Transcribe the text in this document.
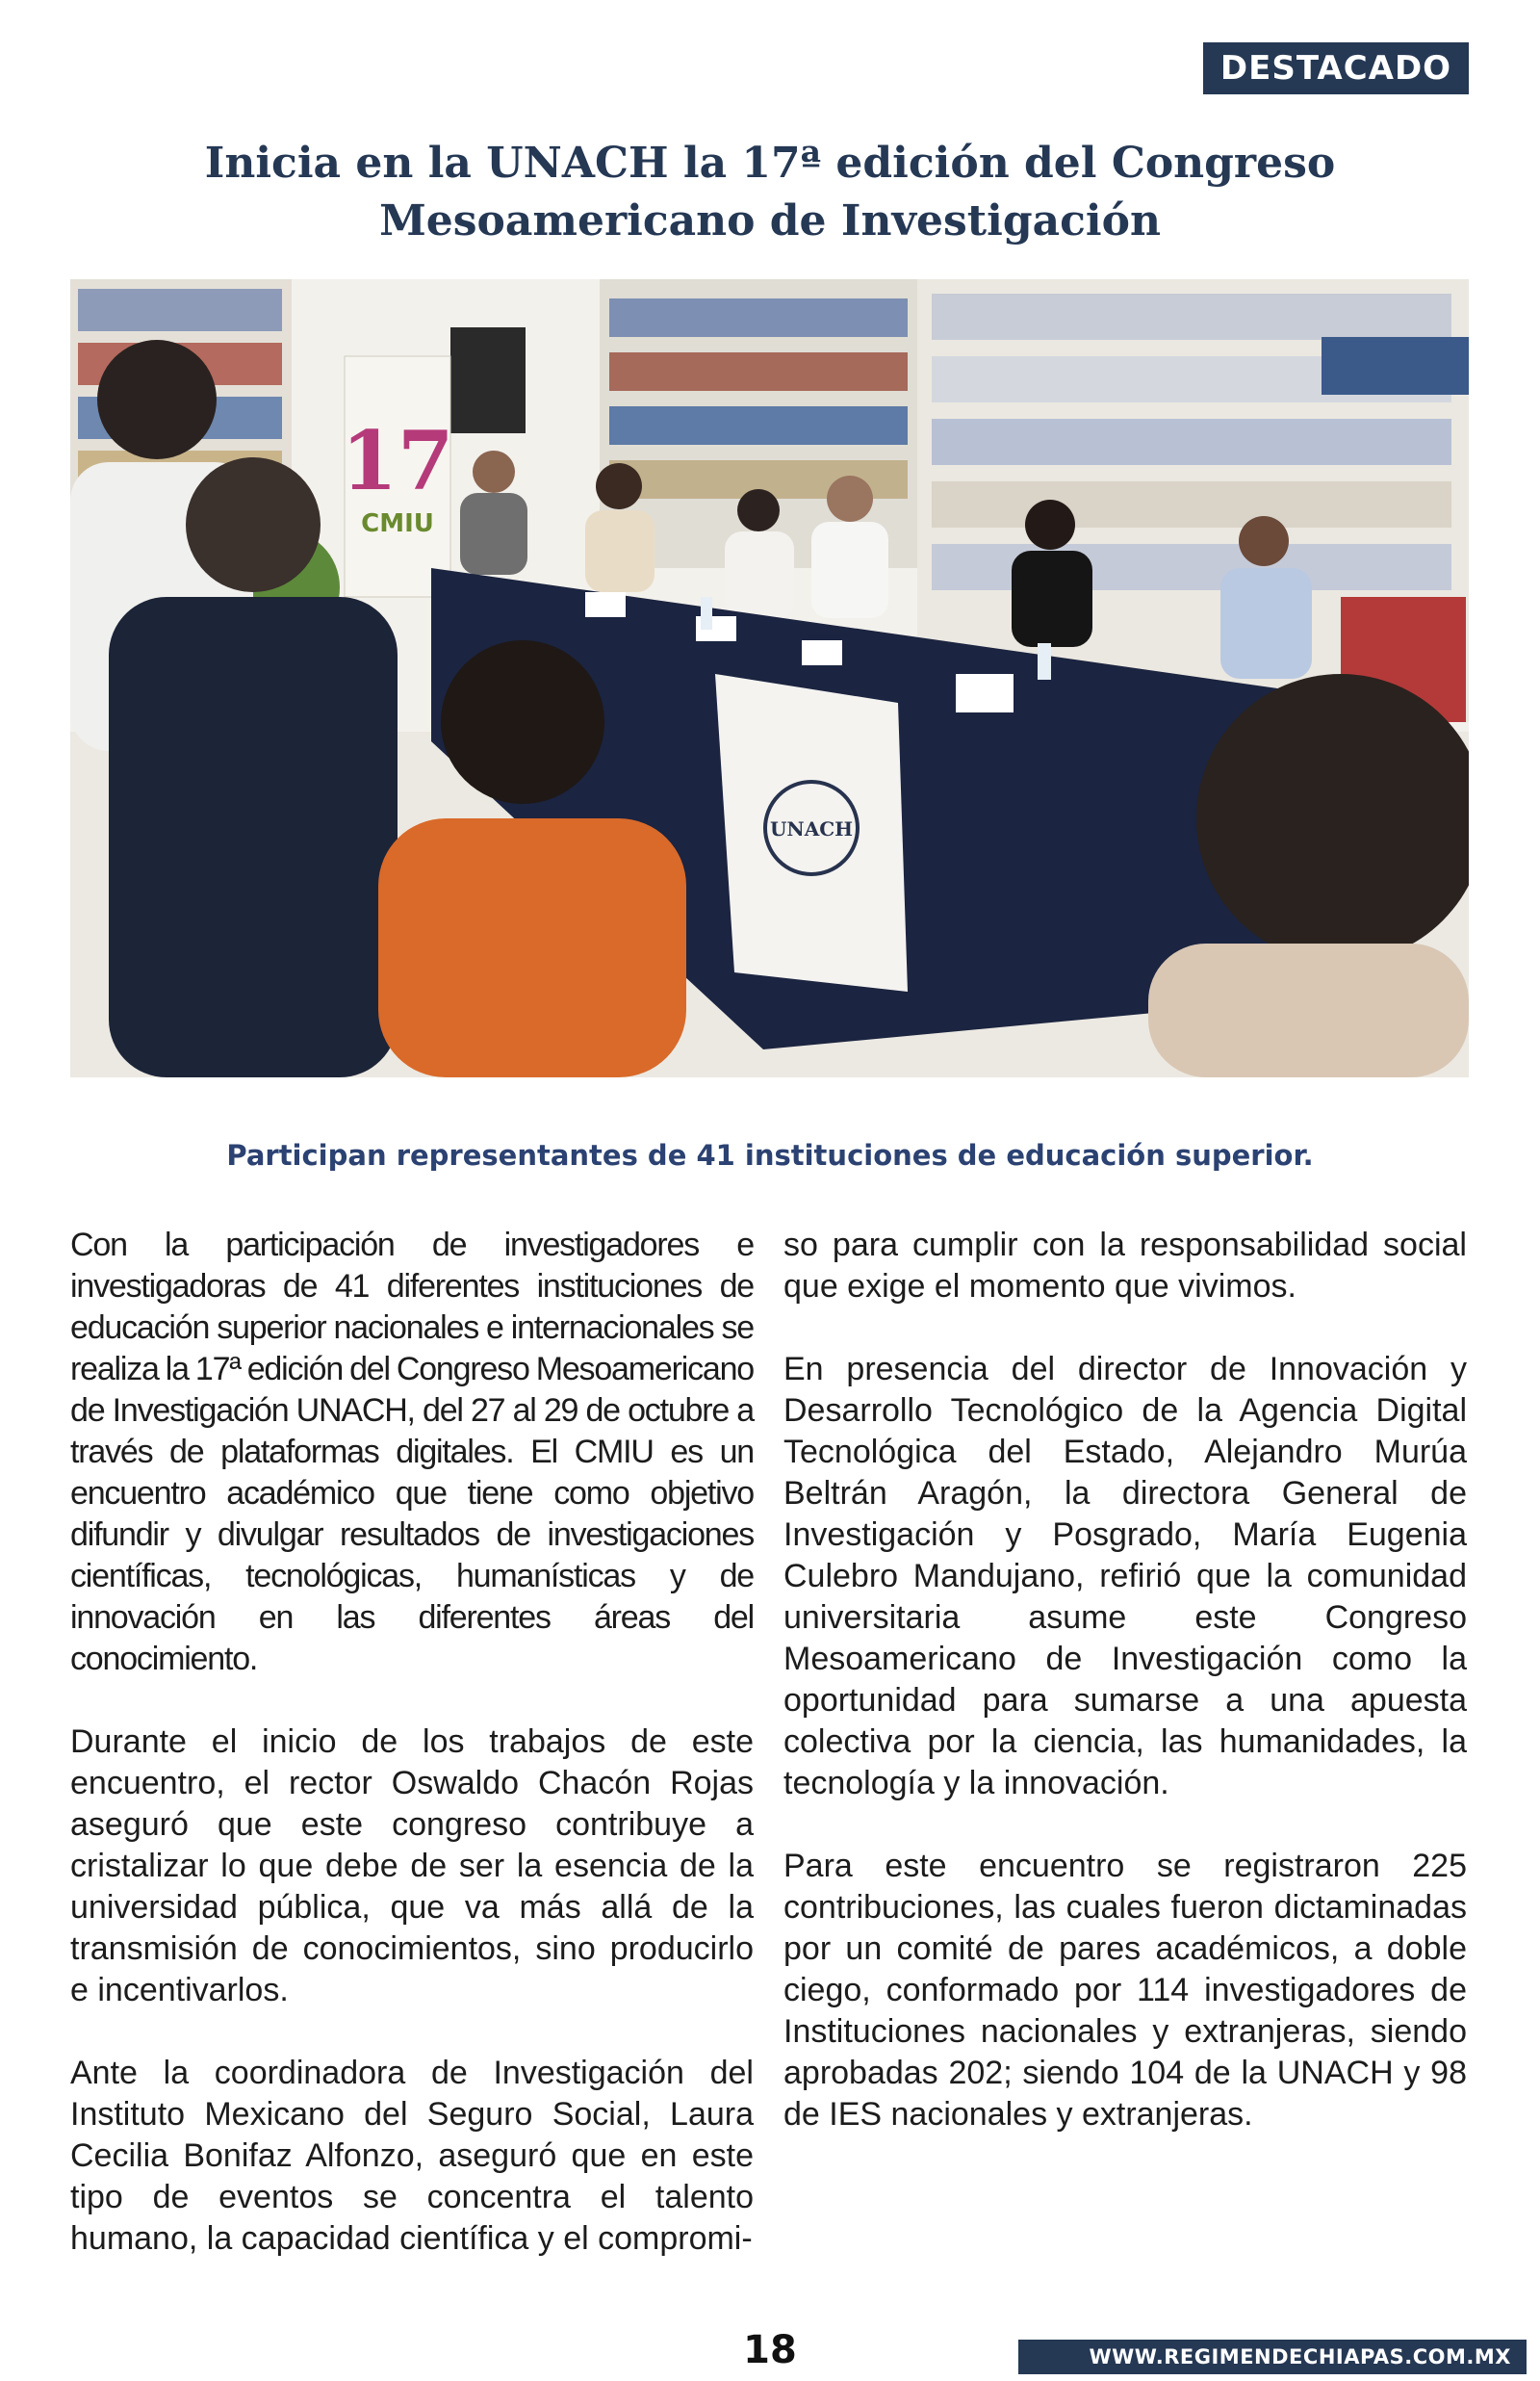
DESTACADO
Inicia en la UNACH la 17ª edición del Congreso Mesoamericano de Investigación
17
CMIU
UNACH
Participan representantes de 41 instituciones de educación superior.

Con la participación de investigadores e investigadoras de 41 diferentes instituciones de educación superior nacionales e internacionales se realiza la 17ª edición del Congreso Mesoamericano de Investigación UNACH, del 27 al 29 de octubre a través de plataformas digitales. El CMIU es un encuentro académico que tiene como objetivo difundir y divulgar resultados de investigaciones científicas, tecnológicas, humanísticas y de innovación en las diferentes áreas del conocimiento.

Durante el inicio de los trabajos de este encuentro, el rector Oswaldo Chacón Rojas aseguró que este congreso contribuye a cristalizar lo que debe de ser la esencia de la universidad pública, que va más allá de la transmisión de conocimientos, sino producirlo e incentivarlos.

Ante la coordinadora de Investigación del Instituto Mexicano del Seguro Social, Laura Cecilia Bonifaz Alfonzo, aseguró que en este tipo de eventos se concentra el talento humano, la capacidad científica y el compromi-

so para cumplir con la responsabilidad social que exige el momento que vivimos.

En presencia del director de Innovación y Desarrollo Tecnológico de la Agencia Digital Tecnológica del Estado, Alejandro Murúa Beltrán Aragón, la directora General de Investigación y Posgrado, María Eugenia Culebro Mandujano, refirió que la comunidad universitaria asume este Congreso Mesoamericano de Investigación como la oportunidad para sumarse a una apuesta colectiva por la ciencia, las humanidades, la tecnología y la innovación.

Para este encuentro se registraron 225 contribuciones, las cuales fueron dictaminadas por un comité de pares académicos, a doble ciego, conformado por 114 investigadores de Instituciones nacionales y extranjeras, siendo aprobadas 202; siendo 104 de la UNACH y 98 de IES nacionales y extranjeras.

18	WWW.REGIMENDECHIAPAS.COM.MX
